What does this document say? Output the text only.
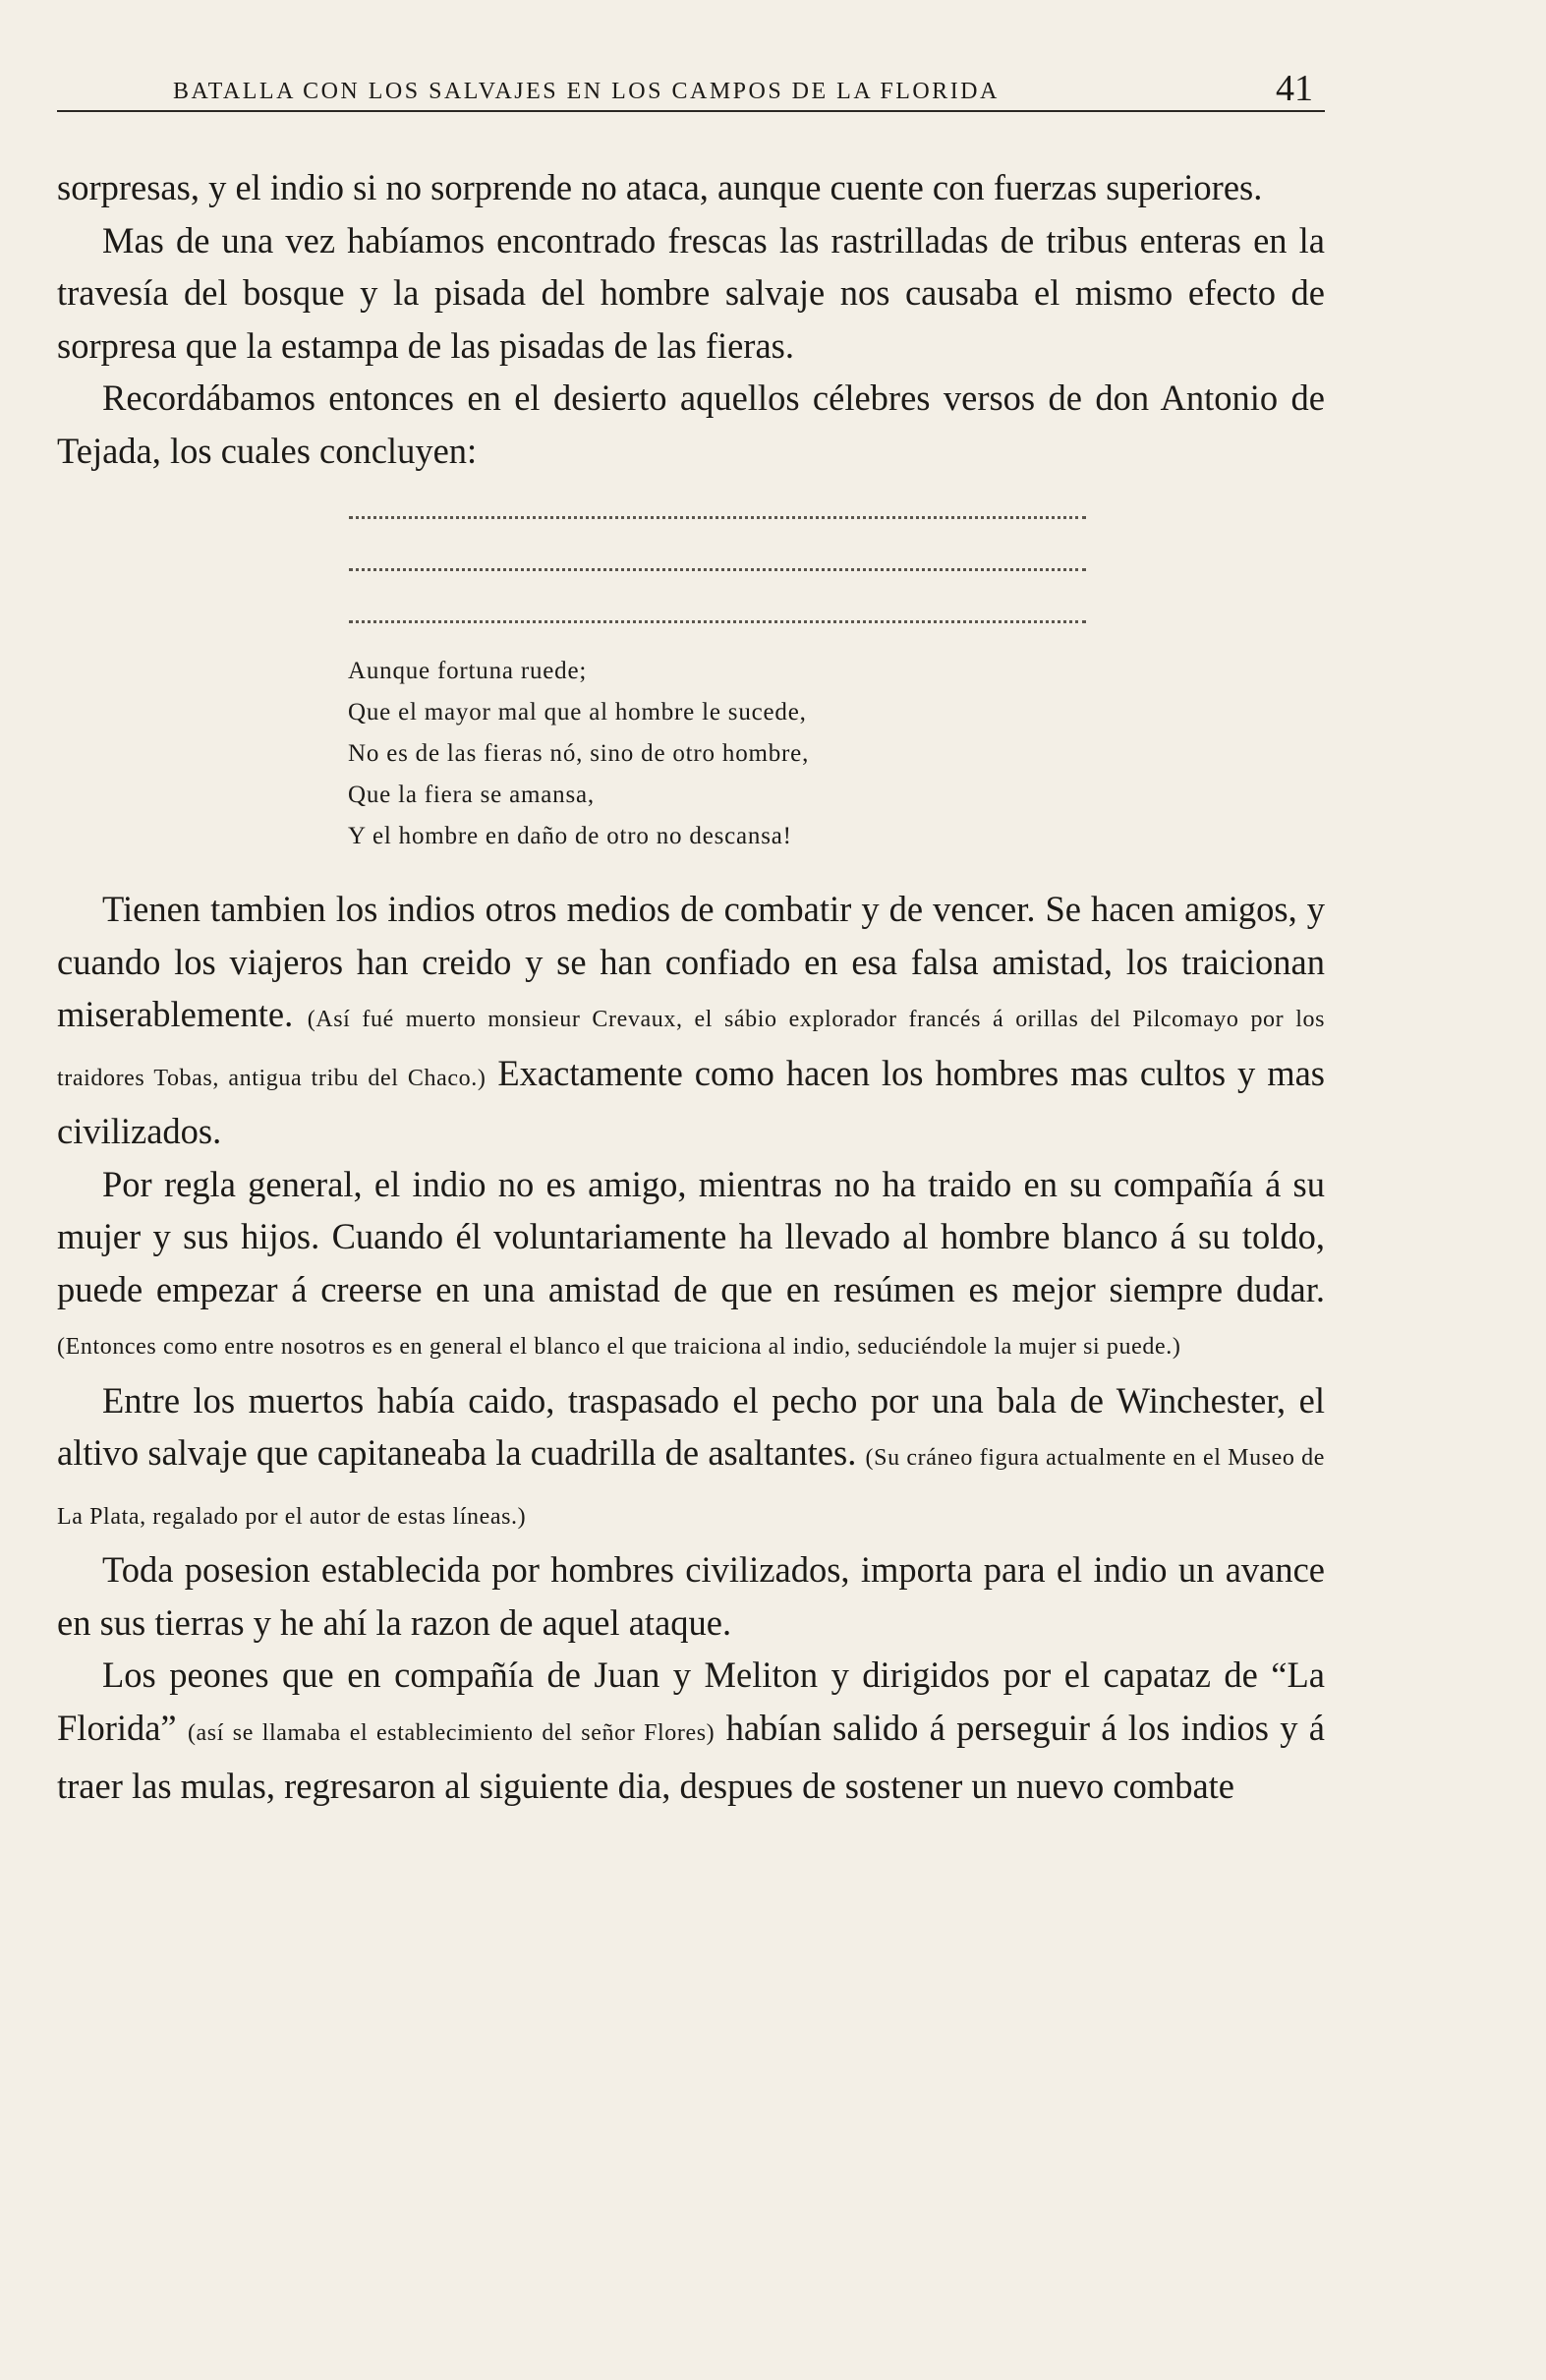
BATALLA CON LOS SALVAJES EN LOS CAMPOS DE LA FLORIDA	41

sorpresas, y el indio si no sorprende no ataca, aunque cuente con fuerzas superiores.

Mas de una vez habíamos encontrado frescas las rastrilladas de tribus enteras en la travesía del bosque y la pisada del hombre salvaje nos causaba el mismo efecto de sorpresa que la estampa de las pisadas de las fieras.

Recordábamos entonces en el desierto aquellos célebres versos de don Antonio de Tejada, los cuales concluyen:

Aunque fortuna ruede;
Que el mayor mal que al hombre le sucede,
No es de las fieras nó, sino de otro hombre,
Que la fiera se amansa,
Y el hombre en daño de otro no descansa!

Tienen tambien los indios otros medios de combatir y de vencer. Se hacen amigos, y cuando los viajeros han creido y se han confiado en esa falsa amistad, los traicionan miserablemente. (Así fué muerto monsieur Crevaux, el sábio explorador francés á orillas del Pilcomayo por los traidores Tobas, antigua tribu del Chaco.) Exactamente como hacen los hombres mas cultos y mas civilizados.

Por regla general, el indio no es amigo, mientras no ha traido en su compañía á su mujer y sus hijos. Cuando él voluntariamente ha llevado al hombre blanco á su toldo, puede empezar á creerse en una amistad de que en resúmen es mejor siempre dudar. (Entonces como entre nosotros es en general el blanco el que traiciona al indio, seduciéndole la mujer si puede.)

Entre los muertos había caido, traspasado el pecho por una bala de Winchester, el altivo salvaje que capitaneaba la cuadrilla de asaltantes. (Su cráneo figura actualmente en el Museo de La Plata, regalado por el autor de estas líneas.)

Toda posesion establecida por hombres civilizados, importa para el indio un avance en sus tierras y he ahí la razon de aquel ataque.

Los peones que en compañía de Juan y Meliton y dirigidos por el capataz de “La Florida” (así se llamaba el establecimiento del señor Flores) habían salido á perseguir á los indios y á traer las mulas, regresaron al siguiente dia, despues de sostener un nuevo combate
